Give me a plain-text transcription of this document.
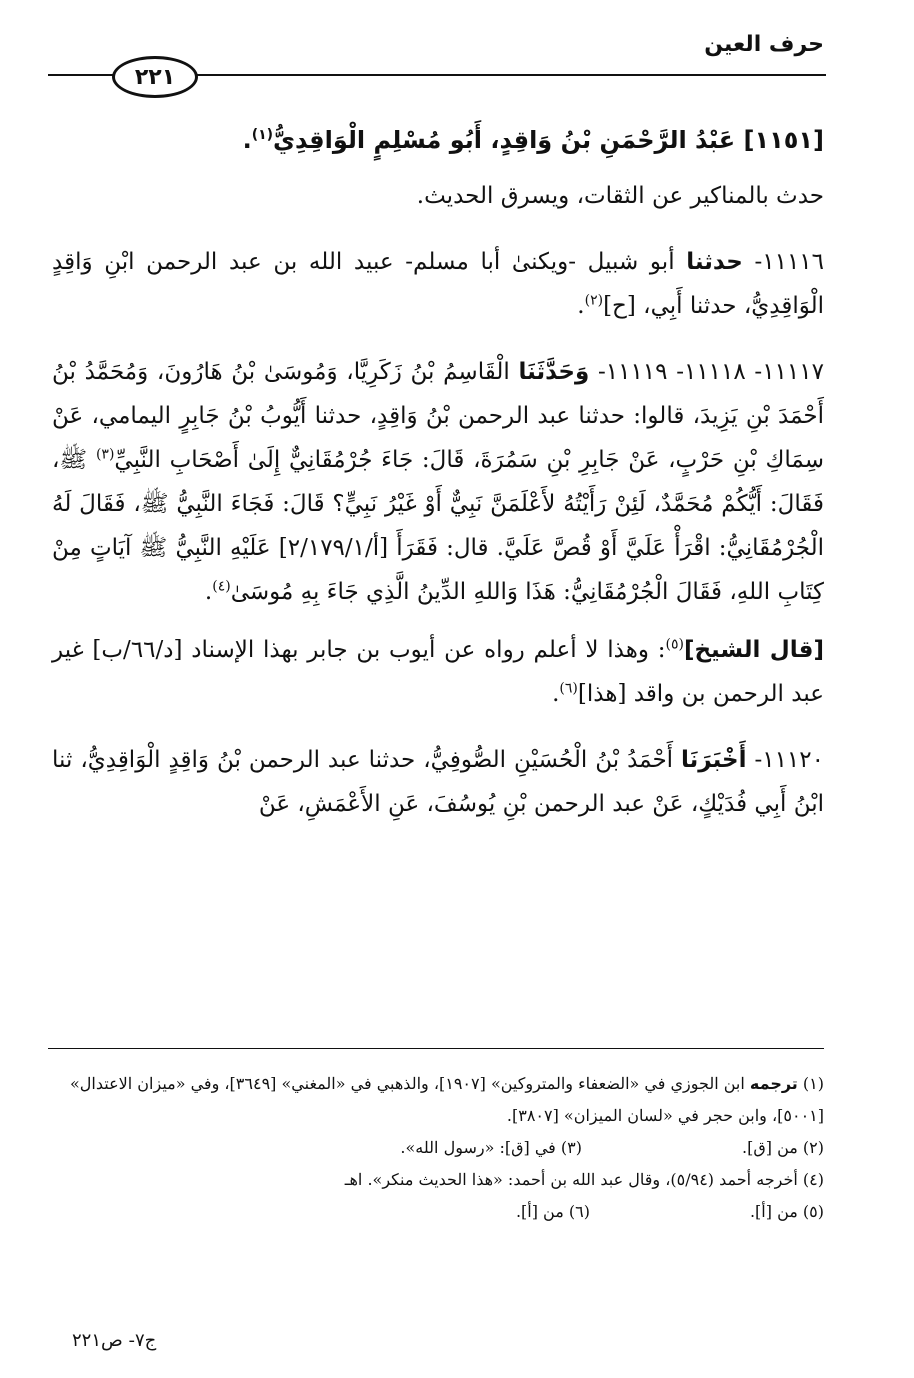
حرف العين
٢٢١

[١١٥١] عَبْدُ الرَّحْمَنِ بْنُ وَاقِدٍ، أَبُو مُسْلِمٍ الْوَاقِدِيُّ$^{(١)}$.

حدث بالمناكير عن الثقات، ويسرق الحديث.

١١١١٦- حدثنا أبو شبيل -ويكنىٰ أبا مسلم- عبيد الله بن عبد الرحمن ابْنِ وَاقِدٍ الْوَاقِدِيُّ، حدثنا أَبِي، [ح]$^{(٢)}$.

١١١١٧- ١١١١٨- ١١١١٩- وَحَدَّثَنَا الْقَاسِمُ بْنُ زَكَرِيَّا، وَمُوسَىٰ بْنُ هَارُونَ، وَمُحَمَّدُ بْنُ أَحْمَدَ بْنِ يَزِيدَ، قالوا: حدثنا عبد الرحمن بْنُ وَاقِدٍ، حدثنا أَيُّوبُ بْنُ جَابِرٍ اليمامي، عَنْ سِمَاكِ بْنِ حَرْبٍ، عَنْ جَابِرِ بْنِ سَمُرَةَ، قَالَ: جَاءَ جُرْمُقَانِيٌّ إِلَىٰ أَصْحَابِ النَّبِيِّ$^{(٣)}$ ﷺ، فَقَالَ: أَيُّكُمْ مُحَمَّدٌ، لَئِنْ رَأَيْتُهُ لأَعْلَمَنَّ نَبِيٌّ أَوْ غَيْرُ نَبِيٍّ؟ قَالَ: فَجَاءَ النَّبِيُّ ﷺ، فَقَالَ لَهُ الْجُرْمُقَانِيُّ: اقْرَأْ عَلَيَّ أَوْ قُصَّ عَلَيَّ. قال: فَقَرَأَ [أ/٢/١٧٩/١] عَلَيْهِ النَّبِيُّ ﷺ آيَاتٍ مِنْ كِتَابِ اللهِ، فَقَالَ الْجُرْمُقَانِيُّ: هَذَا وَاللهِ الدِّينُ الَّذِي جَاءَ بِهِ مُوسَىٰ$^{(٤)}$.

[قال الشيخ]$^{(٥)}$: وهذا لا أعلم رواه عن أيوب بن جابر بهذا الإسناد [د/٦٦/ب] غير عبد الرحمن بن واقد [هذا]$^{(٦)}$.

١١١٢٠- أَخْبَرَنَا أَحْمَدُ بْنُ الْحُسَيْنِ الصُّوفِيُّ، حدثنا عبد الرحمن بْنُ وَاقِدٍ الْوَاقِدِيُّ، ثنا ابْنُ أَبِي فُدَيْكٍ، عَنْ عبد الرحمن بْنِ يُوسُفَ، عَنِ الأَعْمَشِ، عَنْ

(١) ترجمه ابن الجوزي في «الضعفاء والمتروكين» [١٩٠٧]، والذهبي في «المغني» [٣٦٤٩]، وفي «ميزان الاعتدال» [٥٠٠١]، وابن حجر في «لسان الميزان» [٣٨٠٧].

(٢) من [ق].

(٣) في [ق]: «رسول الله».

(٤) أخرجه أحمد (٥/٩٤)، وقال عبد الله بن أحمد: «هذا الحديث منكر». اهـ

(٥) من [أ].

(٦) من [أ].

ج٧- ص٢٢١
